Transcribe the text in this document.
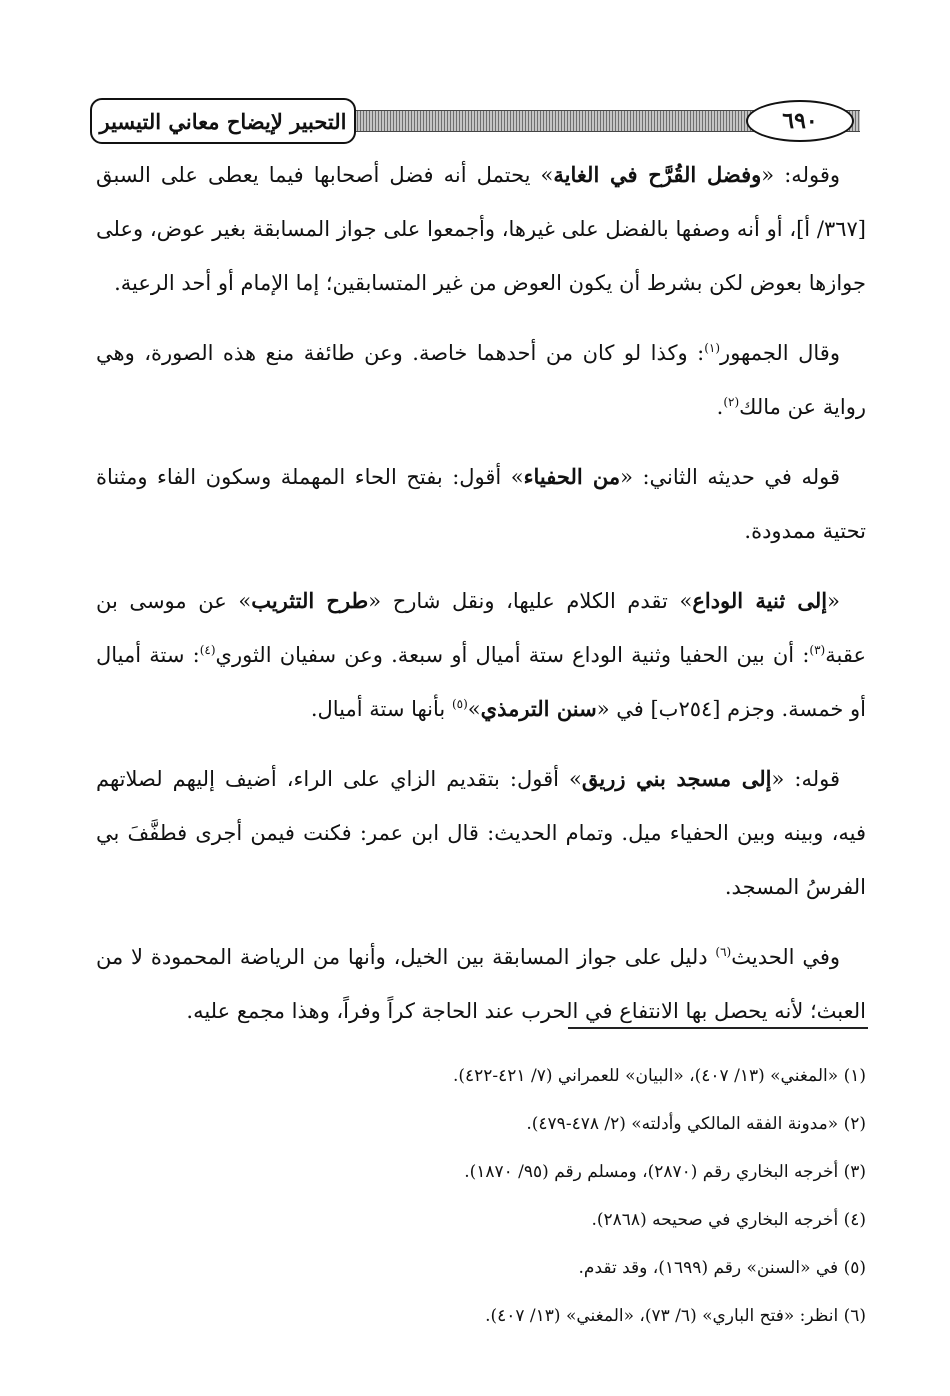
٦٩٠
التحبير لإيضاح معاني التيسير

وقوله: «وفضل القُرَّح في الغاية» يحتمل أنه فضل أصحابها فيما يعطى على السبق [٣٦٧/ أ]، أو أنه وصفها بالفضل على غيرها، وأجمعوا على جواز المسابقة بغير عوض، وعلى جوازها بعوض لكن بشرط أن يكون العوض من غير المتسابقين؛ إما الإمام أو أحد الرعية.

وقال الجمهور$^{(١)}$: وكذا لو كان من أحدهما خاصة. وعن طائفة منع هذه الصورة، وهي رواية عن مالك$^{(٢)}$.

قوله في حديثه الثاني: «من الحفياء» أقول: بفتح الحاء المهملة وسكون الفاء ومثناة تحتية ممدودة.

«إلى ثنية الوداع» تقدم الكلام عليها، ونقل شارح «طرح التثريب» عن موسى بن عقبة$^{(٣)}$: أن بين الحفيا وثنية الوداع ستة أميال أو سبعة. وعن سفيان الثوري$^{(٤)}$: ستة أميال أو خمسة. وجزم [٢٥٤ب] في «سنن الترمذي»$^{(٥)}$ بأنها ستة أميال.

قوله: «إلى مسجد بني زريق» أقول: بتقديم الزاي على الراء، أضيف إليهم لصلاتهم فيه، وبينه وبين الحفياء ميل. وتمام الحديث: قال ابن عمر: فكنت فيمن أجرى فطفَّفَ بي الفرسُ المسجد.

وفي الحديث$^{(٦)}$ دليل على جواز المسابقة بين الخيل، وأنها من الرياضة المحمودة لا من العبث؛ لأنه يحصل بها الانتفاع في الحرب عند الحاجة كراً وفراً، وهذا مجمع عليه.

(١) «المغني» (١٣/ ٤٠٧)، «البيان» للعمراني (٧/ ٤٢١-٤٢٢).
(٢) «مدونة الفقه المالكي وأدلته» (٢/ ٤٧٨-٤٧٩).
(٣) أخرجه البخاري رقم (٢٨٧٠)، ومسلم رقم (٩٥/ ١٨٧٠).
(٤) أخرجه البخاري في صحيحه (٢٨٦٨).
(٥) في «السنن» رقم (١٦٩٩)، وقد تقدم.
(٦) انظر: «فتح الباري» (٦/ ٧٣)، «المغني» (١٣/ ٤٠٧).
